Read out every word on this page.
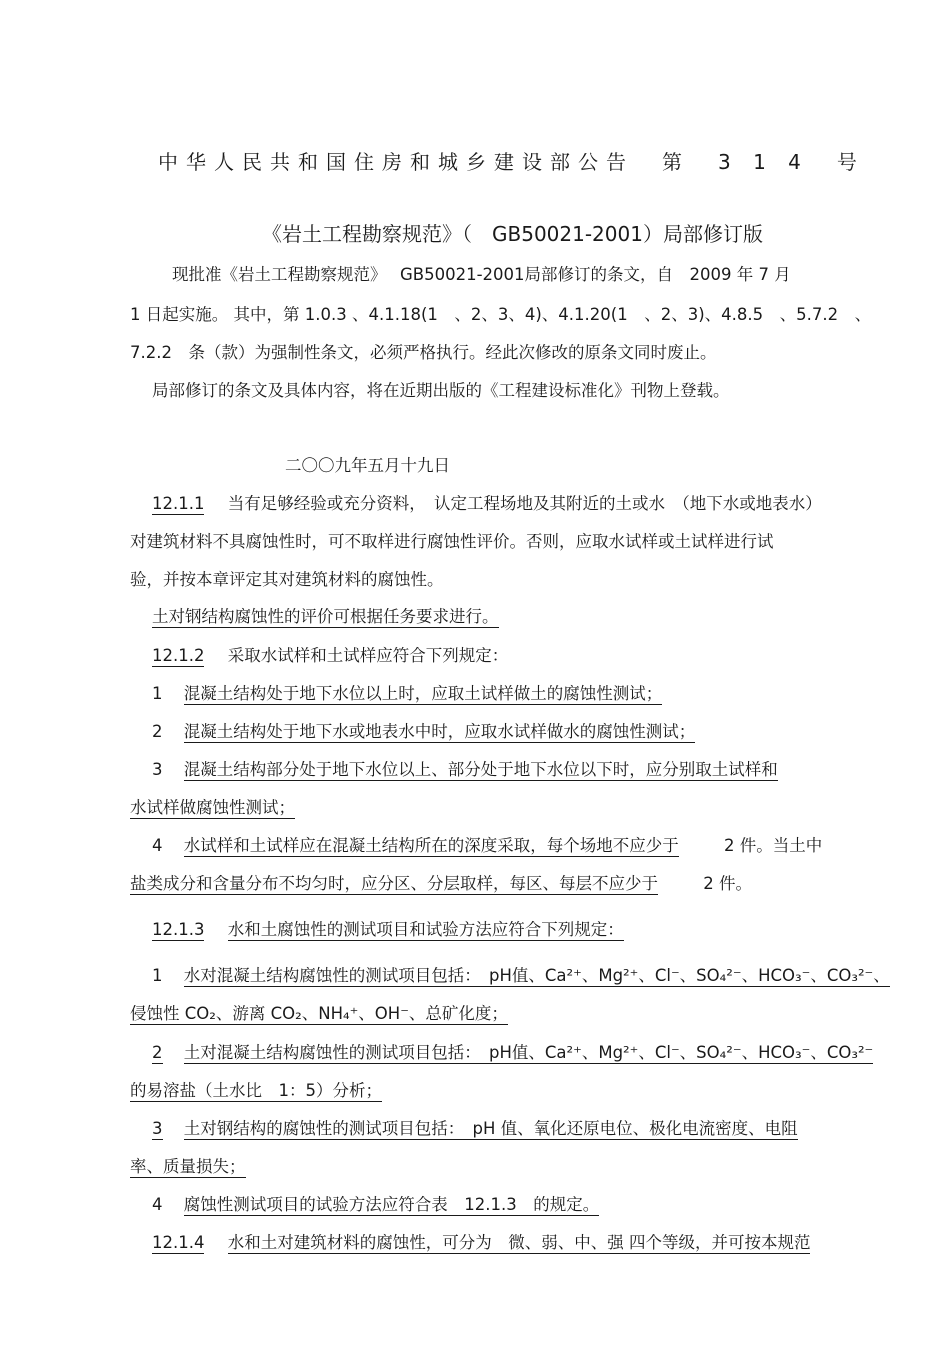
中华人民共和国住房和城乡建设部公告　第　3 1 4　号
《岩土工程勘察规范》（　GB50021-2001）局部修订版
现批准《岩土工程勘察规范》　 GB50021-2001局部修订的条文，自　2009 年 7 月
1 日起实施。 其中，第 1.0.3 、4.1.18(1　、2、3、4)、4.1.20(1　、2、3)、4.8.5　、5.7.2　、
7.2.2　条（款）为强制性条文，必须严格执行。经此次修改的原条文同时废止。
局部修订的条文及具体内容，将在近期出版的《工程建设标准化》刊物上登载。
二〇〇九年五月十九日
12.1.1 当有足够经验或充分资料，　认定工程场地及其附近的土或水　（地下水或地表水）
对建筑材料不具腐蚀性时，可不取样进行腐蚀性评价。否则，应取水试样或土试样进行试
验，并按本章评定其对建筑材料的腐蚀性。
土对钢结构腐蚀性的评价可根据任务要求进行。
12.1.2 采取水试样和土试样应符合下列规定：
1 混凝土结构处于地下水位以上时，应取土试样做土的腐蚀性测试；
2 混凝土结构处于地下水或地表水中时，应取水试样做水的腐蚀性测试；
3 混凝土结构部分处于地下水位以上、部分处于地下水位以下时，应分别取土试样和
水试样做腐蚀性测试；
4 水试样和土试样应在混凝土结构所在的深度采取，每个场地不应少于	2 件。当土中
盐类成分和含量分布不均匀时，应分区、分层取样，每区、每层不应少于	2 件。
12.1.3 水和土腐蚀性的测试项目和试验方法应符合下列规定：
1 水对混凝土结构腐蚀性的测试项目包括：　pH值、Ca²⁺、Mg²⁺、Cl⁻、SO₄²⁻、HCO₃⁻、CO₃²⁻、
侵蚀性 CO₂、游离 CO₂、NH₄⁺、OH⁻、总矿化度；
2 土对混凝土结构腐蚀性的测试项目包括：　pH值、Ca²⁺、Mg²⁺、Cl⁻、SO₄²⁻、HCO₃⁻、CO₃²⁻
的易溶盐（土水比　1：5）分析；
3 土对钢结构的腐蚀性的测试项目包括：　pH 值、氧化还原电位、极化电流密度、电阻
率、质量损失；
4 腐蚀性测试项目的试验方法应符合表　12.1.3　的规定。
12.1.4 水和土对建筑材料的腐蚀性，可分为　微、弱、中、强 四个等级，并可按本规范
